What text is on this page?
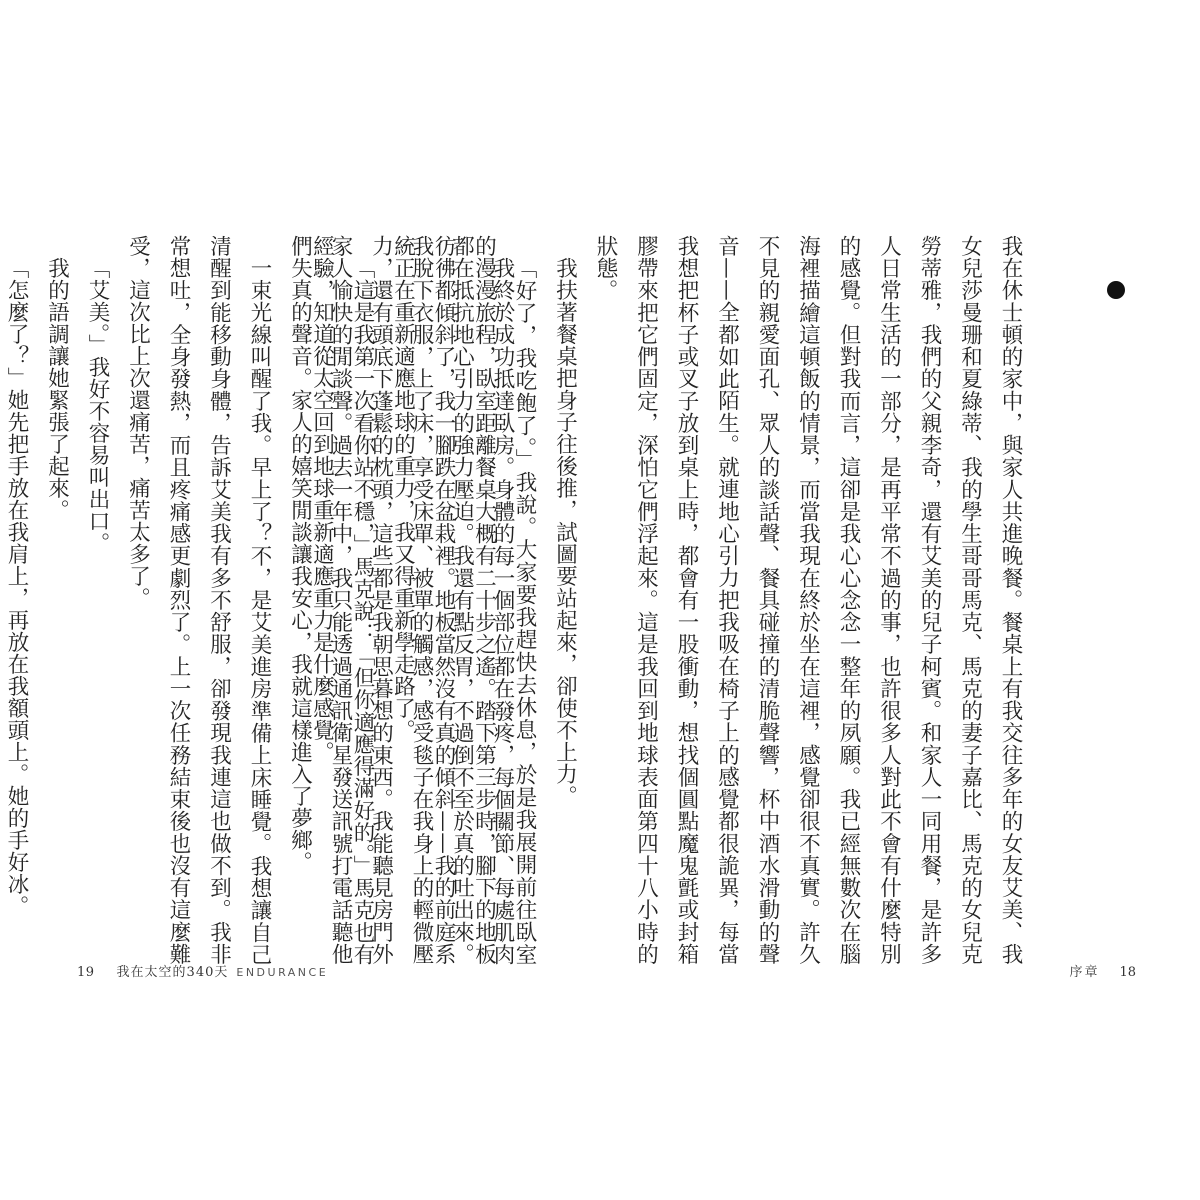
我在休士頓的家中，與家人共進晚餐。餐桌上有我交往多年的女友艾美、我女兒莎曼珊和夏綠蒂、我的學生哥哥馬克、馬克的妻子嘉比、馬克的女兒克勞蒂雅，我們的父親李奇，還有艾美的兒子柯賓。和家人一同用餐，是許多人日常生活的一部分，是再平常不過的事，也許很多人對此不會有什麼特別的感覺。但對我而言，這卻是我心心念念一整年的夙願。我已經無數次在腦海裡描繪這頓飯的情景，而當我現在終於坐在這裡，感覺卻很不真實。許久不見的親愛面孔、眾人的談話聲、餐具碰撞的清脆聲響，杯中酒水滑動的聲音——全都如此陌生。就連地心引力把我吸在椅子上的感覺都很詭異，每當我想把杯子或叉子放到桌上時，都會有一股衝動，想找個圓點魔鬼氈或封箱膠帶來把它們固定，深怕它們浮起來。這是我回到地球表面第四十八小時的狀態。

我扶著餐桌把身子往後推，試圖要站起來，卻使不上力。

「好了，我吃飽了。」我說。大家要我趕快去休息，於是我展開前往臥室的漫漫旅程，臥室距離餐桌大概有二十步之遙。踏下第三步時，腳下的地板彷彿都傾斜了，我一腳跌在盆栽裡。地板當然沒有真的傾斜——我的前庭系統正在重新適應地球的重力，我又得重新學走路了。

「這是我第一次看你站不穩，」馬克說：「但你適應得滿好的。」馬克也有經驗，知道從太空回到地球重新適應重力是什麼感覺。	我終於成功抵達臥房。身體的每一個部位都在發疼，每個關節、每處肌肉都在抵抗地心引力的強力壓迫。我還有點反胃，不過倒不至於真的吐出來。我脫下衣服，上了床，享受床單、被單的觸感，感受毯子在我身上的輕微壓力，還有頭底下蓬鬆的枕頭，這些都是我朝思暮想的東西。我能聽見房門外家人愉快的閒談聲。過去一年中，我只能透過通訊衛星發送訊號打電話聽他們失真的聲音。家人的嬉笑閒談讓我安心，我就這樣進入了夢鄉。

一束光線叫醒了我。早上了？不，是艾美進房準備上床睡覺。我想讓自己清醒到能移動身體，告訴艾美我有多不舒服，卻發現我連這也做不到。我非常想吐，全身發熱，而且疼痛感更劇烈了。上一次任務結束後也沒有這麼難受，這次比上次還痛苦，痛苦太多了。

「艾美。」我好不容易叫出口。

我的語調讓她緊張了起來。

「怎麼了？」她先把手放在我肩上，再放在我額頭上。她的手好冰。

19 我在太空的340天 ENDURANCE	序章 18
